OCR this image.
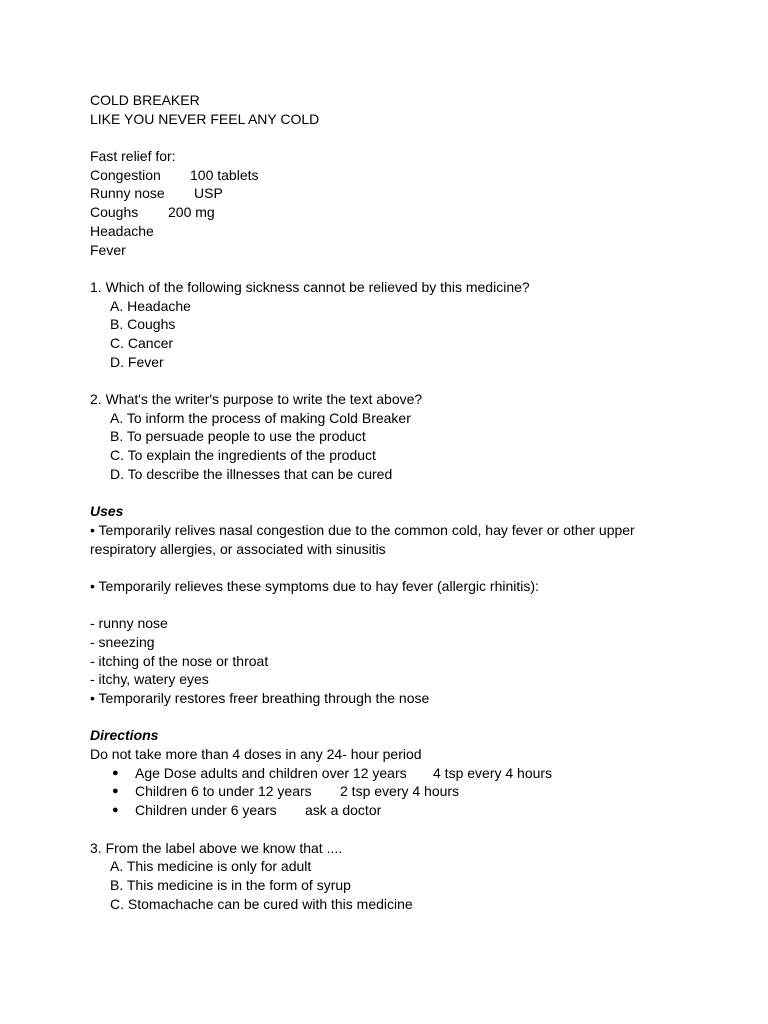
COLD BREAKER
LIKE YOU NEVER FEEL ANY COLD
Fast relief for:
Congestion 100 tablets
Runny nose USP
Coughs 200 mg
Headache
Fever
1. Which of the following sickness cannot be relieved by this medicine?
A. Headache
B. Coughs
C. Cancer
D. Fever
2. What's the writer's purpose to write the text above?
A. To inform the process of making Cold Breaker
B. To persuade people to use the product
C. To explain the ingredients of the product
D. To describe the illnesses that can be cured
Uses
• Temporarily relives nasal congestion due to the common cold, hay fever or other upper respiratory allergies, or associated with sinusitis
• Temporarily relieves these symptoms due to hay fever (allergic rhinitis):
- runny nose
- sneezing
- itching of the nose or throat
- itchy, watery eyes
• Temporarily restores freer breathing through the nose
Directions
Do not take more than 4 doses in any 24- hour period
●	Age Dose adults and children over 12 years	4 tsp every 4 hours
●	Children 6 to under 12 years	2 tsp every 4 hours
●	Children under 6 years	ask a doctor
3. From the label above we know that ....
A. This medicine is only for adult
B. This medicine is in the form of syrup
C. Stomachache can be cured with this medicine
